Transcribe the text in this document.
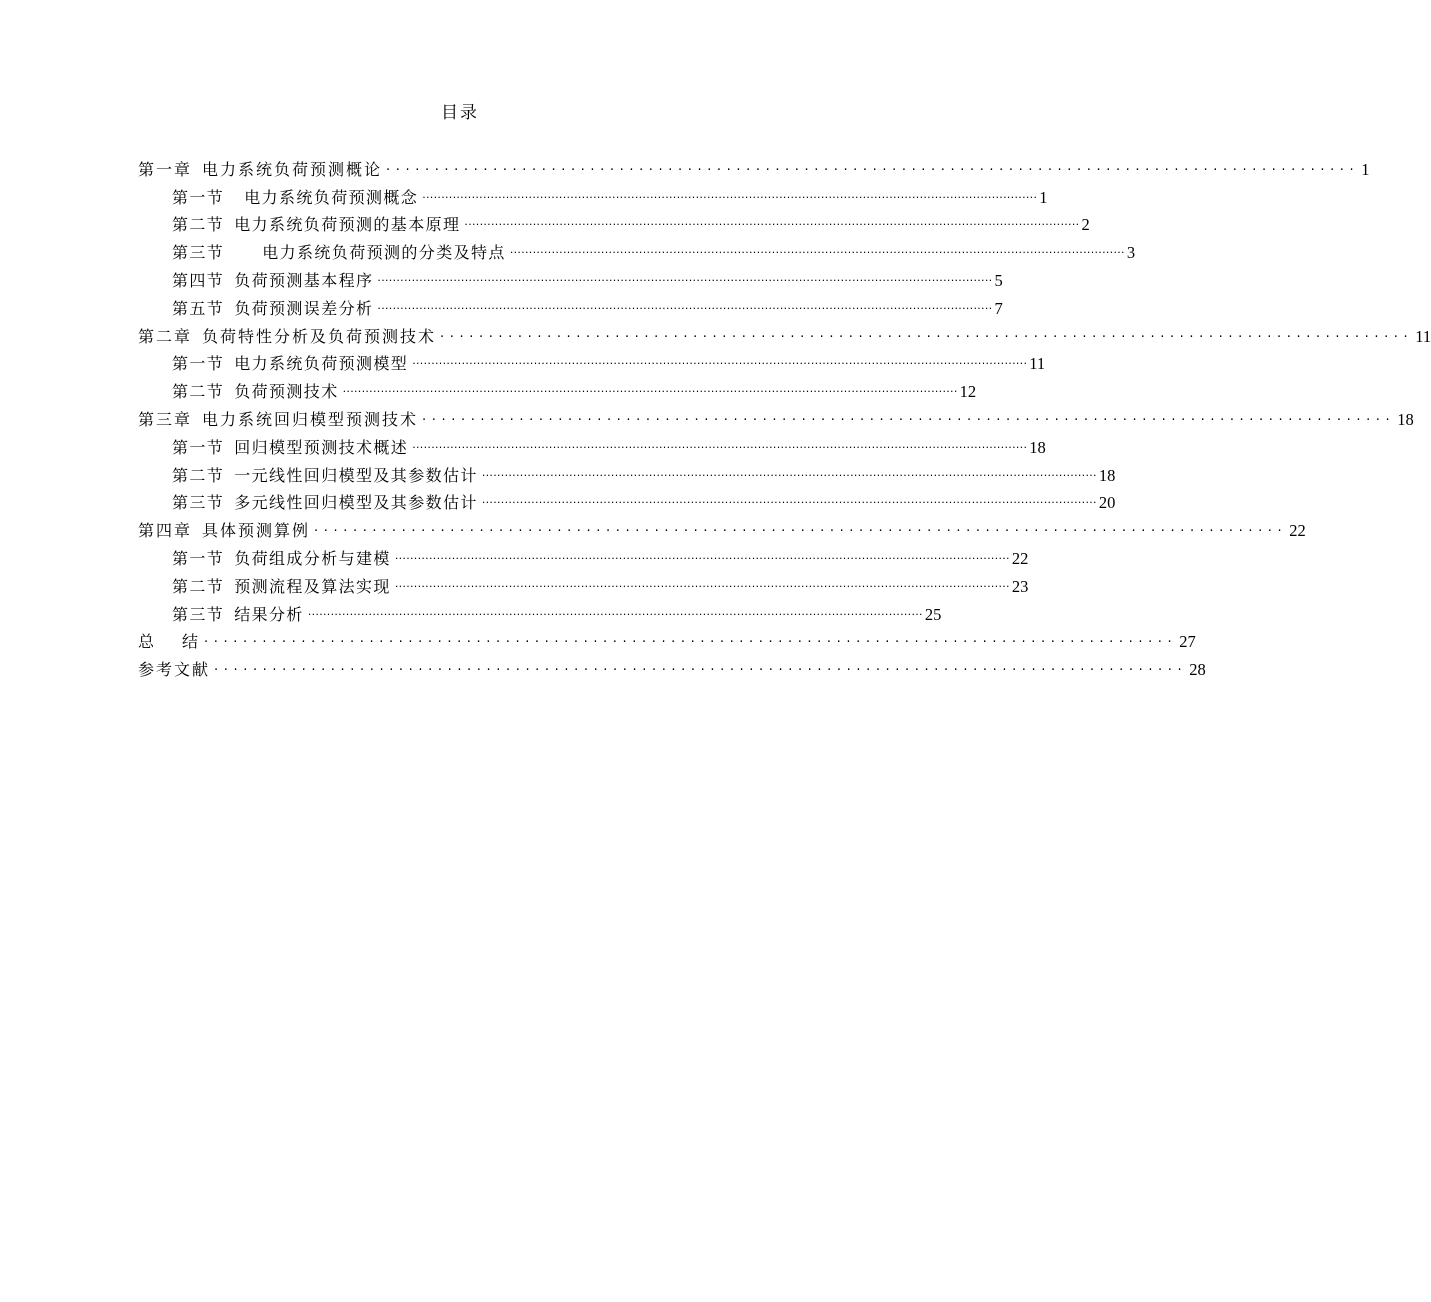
目录
第一章 电力系统负荷预测概论 .................................................................................................... 1
第一节 电力系统负荷预测概念 .................................................................................................................................................................. 1
第二节 电力系统负荷预测的基本原理 .................................................................................................................................................................. 2
第三节 电力系统负荷预测的分类及特点 .................................................................................................................................................................. 3
第四节 负荷预测基本程序 .................................................................................................................................................................. 5
第五节 负荷预测误差分析 .................................................................................................................................................................. 7
第二章 负荷特性分析及负荷预测技术 .................................................................................................... 11
第一节 电力系统负荷预测模型 .................................................................................................................................................................. 11
第二节 负荷预测技术 .................................................................................................................................................................. 12
第三章 电力系统回归模型预测技术 .................................................................................................... 18
第一节 回归模型预测技术概述 .................................................................................................................................................................. 18
第二节 一元线性回归模型及其参数估计 .................................................................................................................................................................. 18
第三节 多元线性回归模型及其参数估计 .................................................................................................................................................................. 20
第四章 具体预测算例 .................................................................................................... 22
第一节 负荷组成分析与建模 .................................................................................................................................................................. 22
第二节 预测流程及算法实现 .................................................................................................................................................................. 23
第三节 结果分析 .................................................................................................................................................................. 25
总 结 .................................................................................................... 27
参考文献 .................................................................................................... 28
